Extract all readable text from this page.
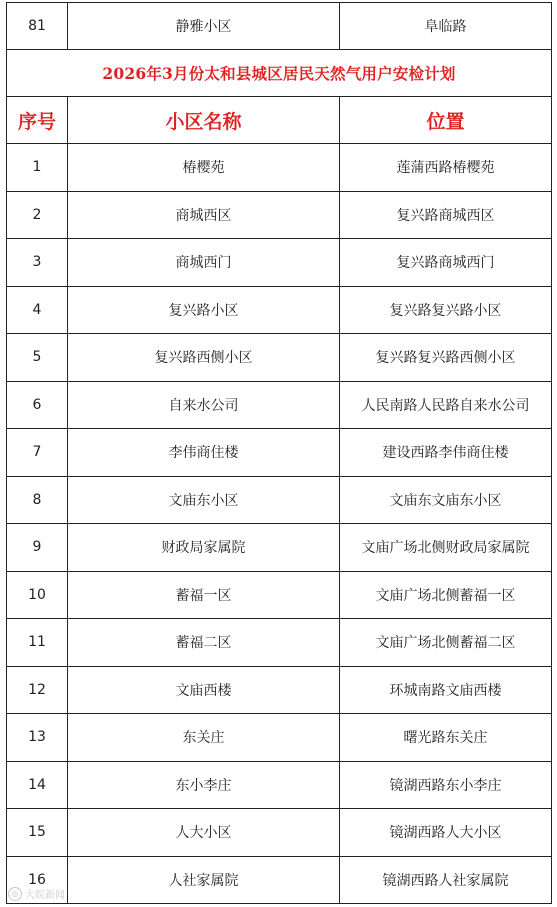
81	静雅小区	阜临路
2026年3月份太和县城区居民天然气用户安检计划		
序号	小区名称	位置
1	椿樱苑	莲蒲西路椿樱苑
2	商城西区	复兴路商城西区
3	商城西门	复兴路商城西门
4	复兴路小区	复兴路复兴路小区
5	复兴路西侧小区	复兴路复兴路西侧小区
6	自来水公司	人民南路人民路自来水公司
7	李伟商住楼	建设西路李伟商住楼
8	文庙东小区	文庙东文庙东小区
9	财政局家属院	文庙广场北侧财政局家属院
10	蓄福一区	文庙广场北侧蓄福一区
11	蓄福二区	文庙广场北侧蓄福二区
12	文庙西楼	环城南路文庙西楼
13	东关庄	曙光路东关庄
14	东小李庄	镜湖西路东小李庄
15	人大小区	镜湖西路人大小区
16	人社家属院	镜湖西路人社家属院
◎ 大皖新闻
